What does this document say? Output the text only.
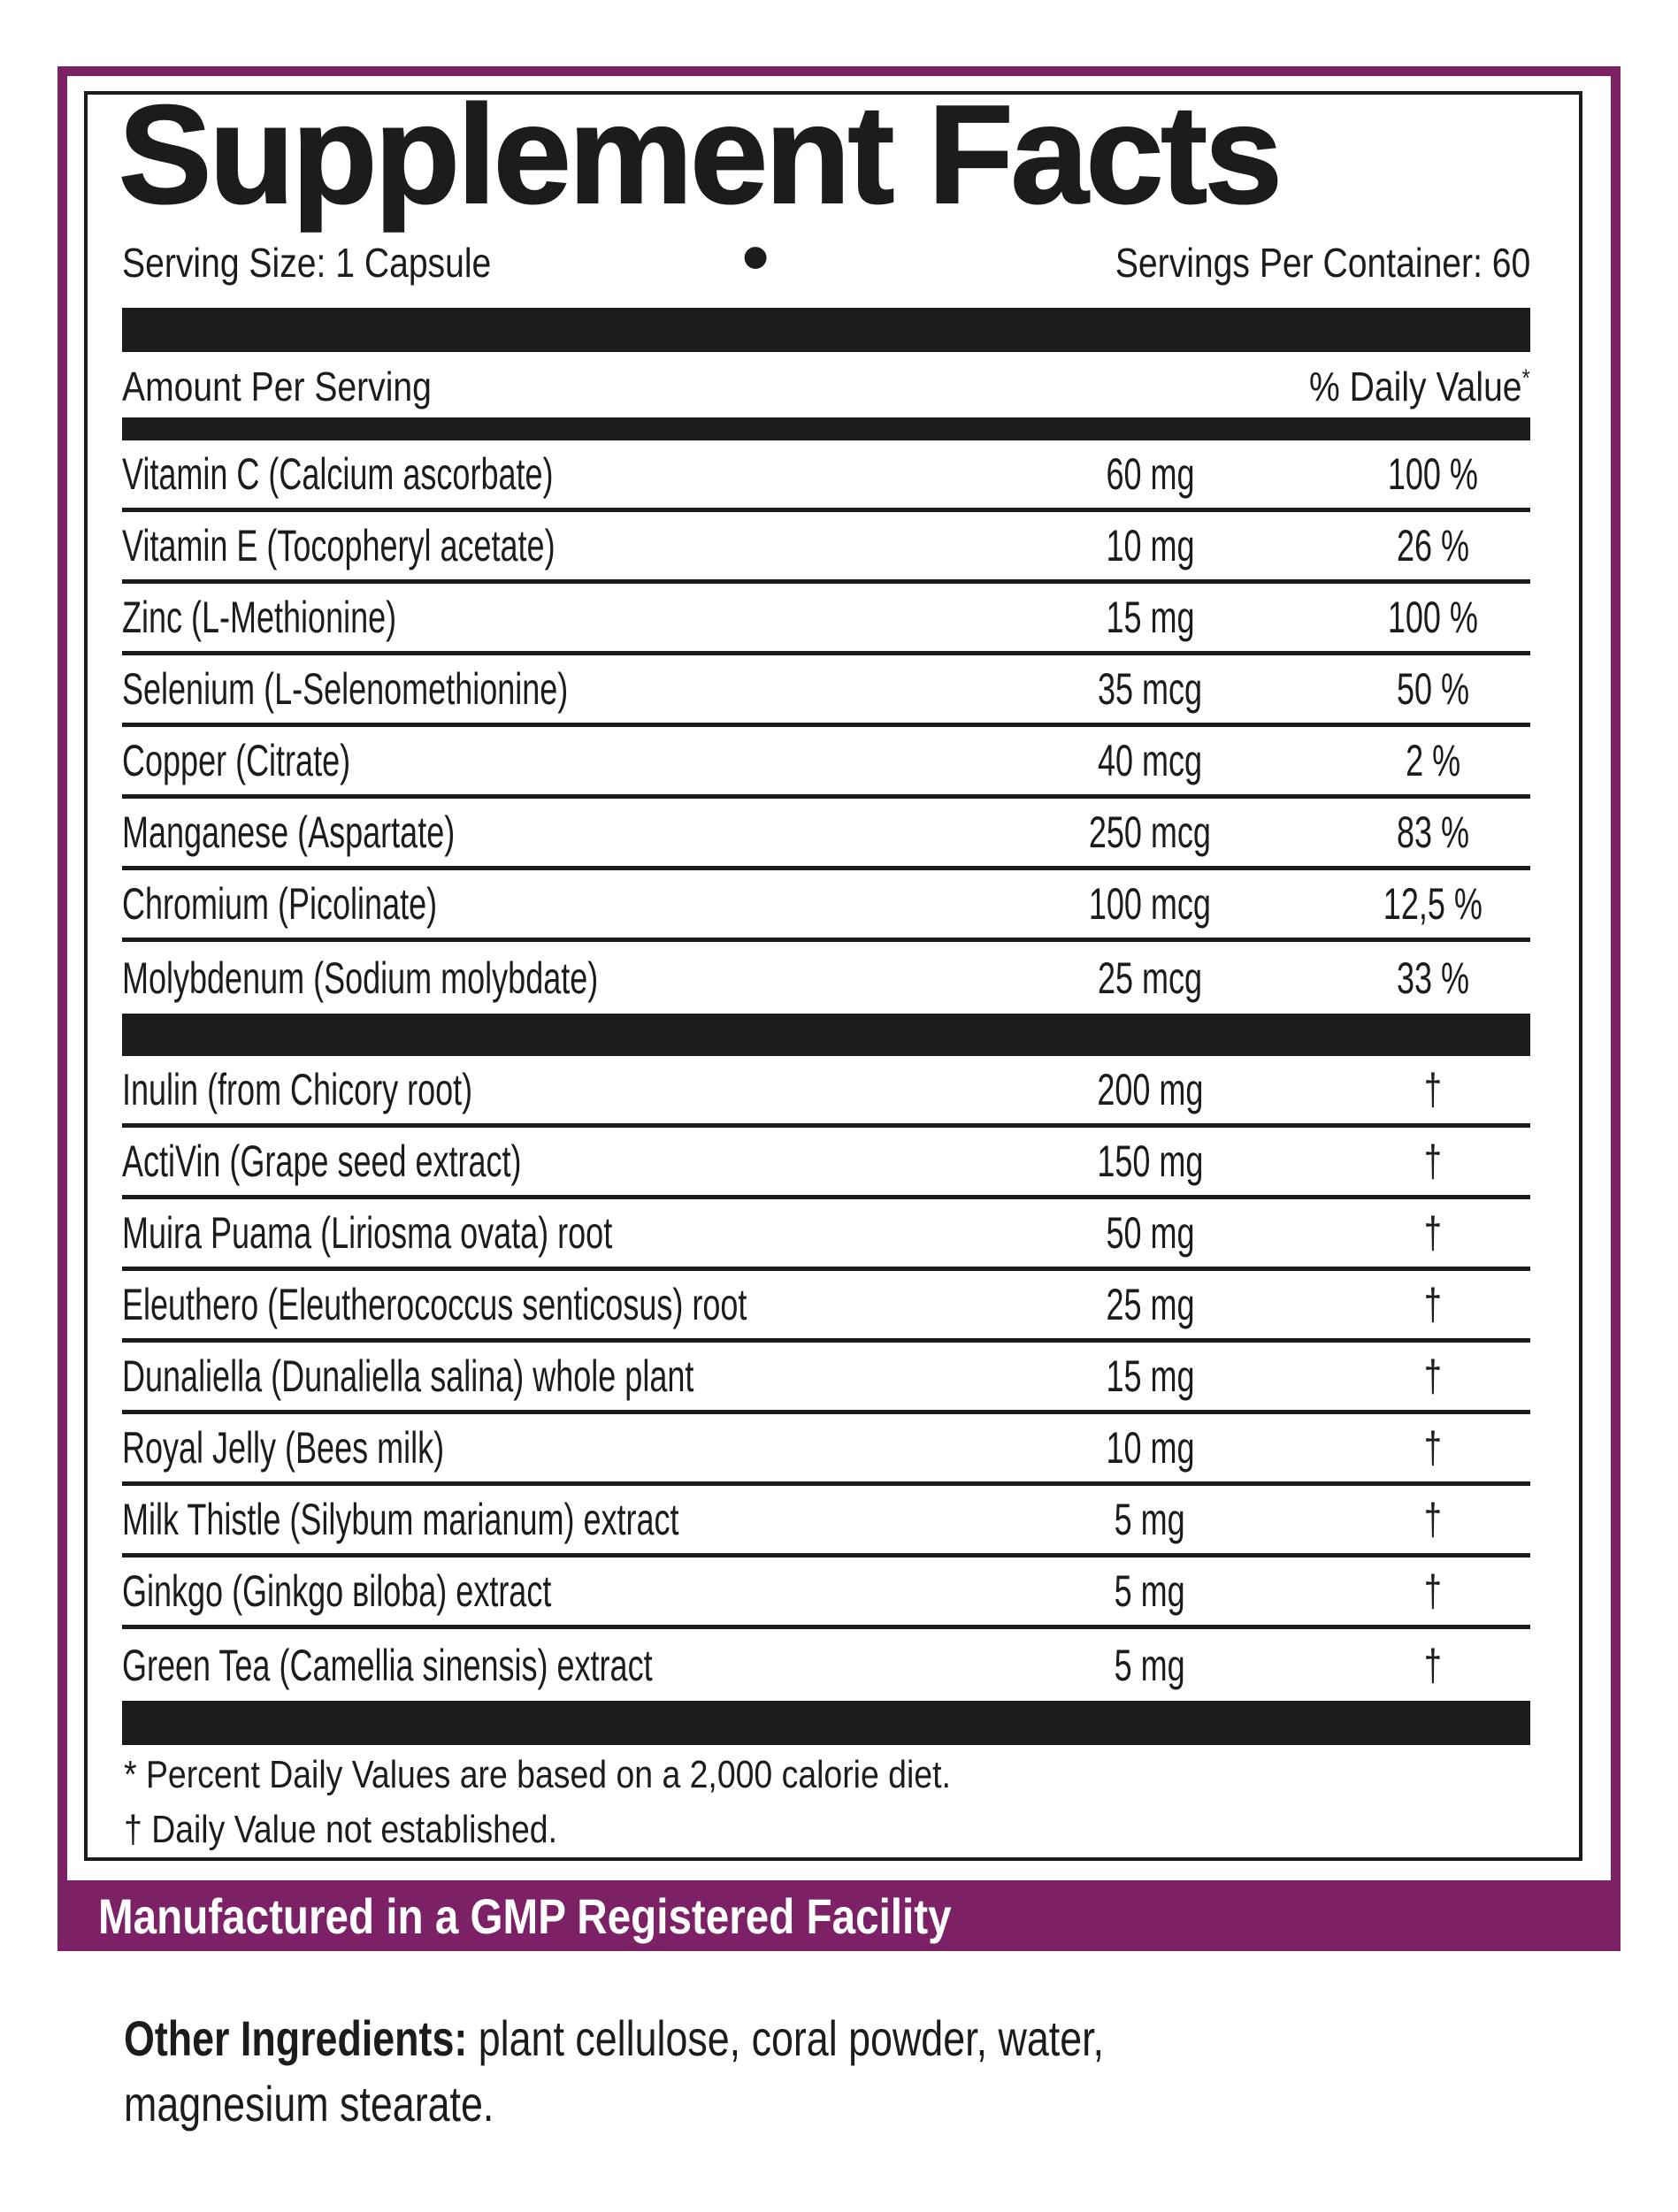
Supplement Facts
Serving Size: 1 Capsule	•	Servings Per Container: 60
Amount Per Serving	% Daily Value*
Vitamin C (Calcium ascorbate)	60 mg	100 %
Vitamin E (Tocopheryl acetate)	10 mg	26 %
Zinc (L-Methionine)	15 mg	100 %
Selenium (L-Selenomethionine)	35 mcg	50 %
Copper (Citrate)	40 mcg	2 %
Manganese (Aspartate)	250 mcg	83 %
Chromium (Picolinate)	100 mcg	12,5 %
Molybdenum (Sodium molybdate)	25 mcg	33 %
Inulin (from Chicory root)	200 mg	†
ActiVin (Grape seed extract)	150 mg	†
Muira Puama (Liriosma ovata) root	50 mg	†
Eleuthero (Eleutherococcus senticosus) root	25 mg	†
Dunaliella (Dunaliella salina) whole plant	15 mg	†
Royal Jelly (Bees milk)	10 mg	†
Milk Thistle (Silybum marianum) extract	5 mg	†
Ginkgo (Ginkgo вiloba) extract	5 mg	†
Green Tea (Camellia sinensis) extract	5 mg	†
* Percent Daily Values are based on a 2,000 calorie diet.
† Daily Value not established.
Manufactured in a GMP Registered Facility

Other Ingredients: plant cellulose, coral powder, water,
magnesium stearate.
